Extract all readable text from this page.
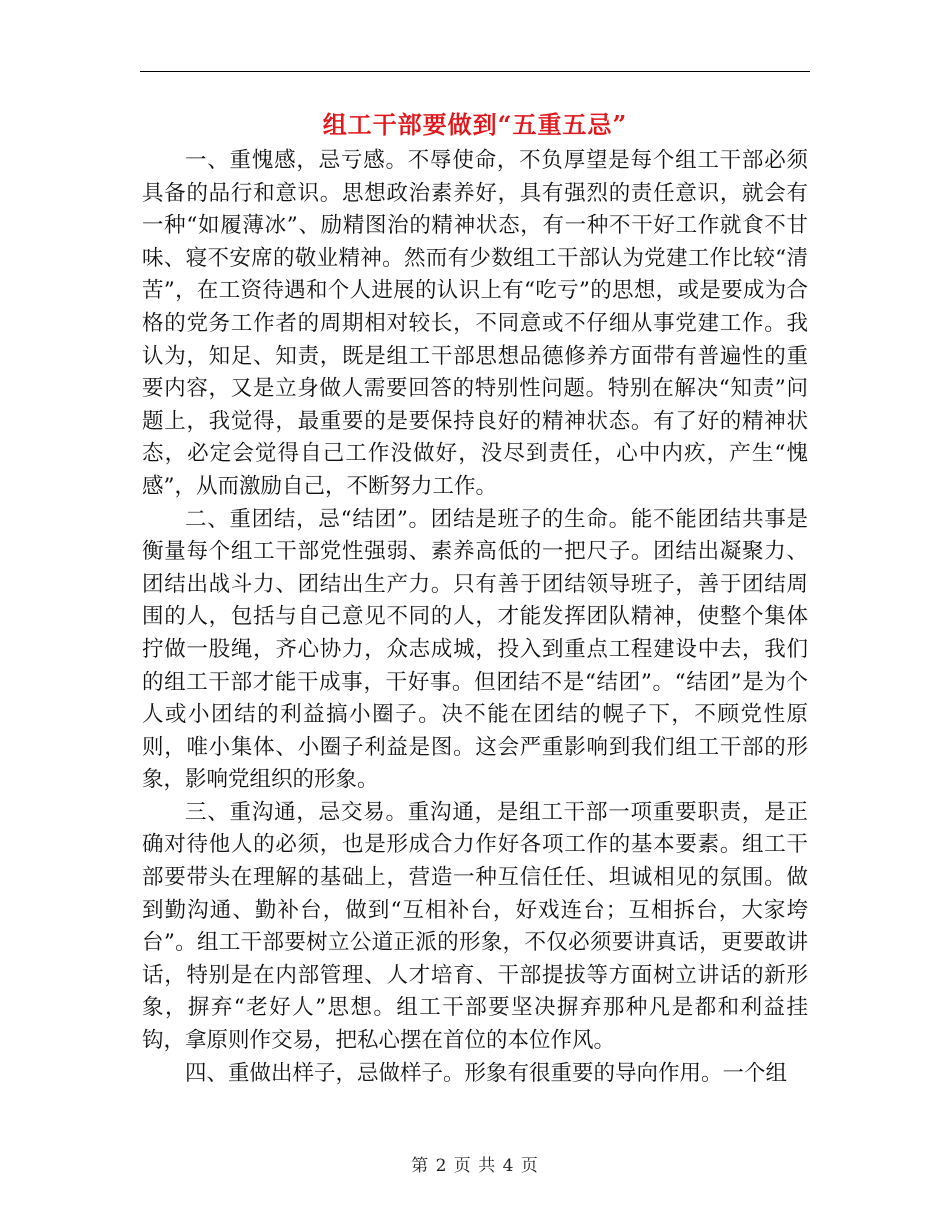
组工干部要做到“五重五忌”

一、重愧感，忌亏感。不辱使命，不负厚望是每个组工干部必须具备的品行和意识。思想政治素养好，具有强烈的责任意识，就会有一种“如履薄冰”、励精图治的精神状态，有一种不干好工作就食不甘味、寝不安席的敬业精神。然而有少数组工干部认为党建工作比较“清苦”，在工资待遇和个人进展的认识上有“吃亏”的思想，或是要成为合格的党务工作者的周期相对较长，不同意或不仔细从事党建工作。我认为，知足、知责，既是组工干部思想品德修养方面带有普遍性的重要内容，又是立身做人需要回答的特别性问题。特别在解决“知责”问题上，我觉得，最重要的是要保持良好的精神状态。有了好的精神状态，必定会觉得自己工作没做好，没尽到责任，心中内疚，产生“愧感”，从而激励自己，不断努力工作。

二、重团结，忌“结团”。团结是班子的生命。能不能团结共事是衡量每个组工干部党性强弱、素养高低的一把尺子。团结出凝聚力、团结出战斗力、团结出生产力。只有善于团结领导班子，善于团结周围的人，包括与自己意见不同的人，才能发挥团队精神，使整个集体拧做一股绳，齐心协力，众志成城，投入到重点工程建设中去，我们的组工干部才能干成事，干好事。但团结不是“结团”。“结团”是为个人或小团结的利益搞小圈子。决不能在团结的幌子下，不顾党性原则，唯小集体、小圈子利益是图。这会严重影响到我们组工干部的形象，影响党组织的形象。

三、重沟通，忌交易。重沟通，是组工干部一项重要职责，是正确对待他人的必须，也是形成合力作好各项工作的基本要素。组工干部要带头在理解的基础上，营造一种互信任任、坦诚相见的氛围。做到勤沟通、勤补台，做到“互相补台，好戏连台；互相拆台，大家垮台”。组工干部要树立公道正派的形象，不仅必须要讲真话，更要敢讲话，特别是在内部管理、人才培育、干部提拔等方面树立讲话的新形象，摒弃“老好人”思想。组工干部要坚决摒弃那种凡是都和利益挂钩，拿原则作交易，把私心摆在首位的本位作风。

四、重做出样子，忌做样子。形象有很重要的导向作用。一个组

第 2 页 共 4 页
